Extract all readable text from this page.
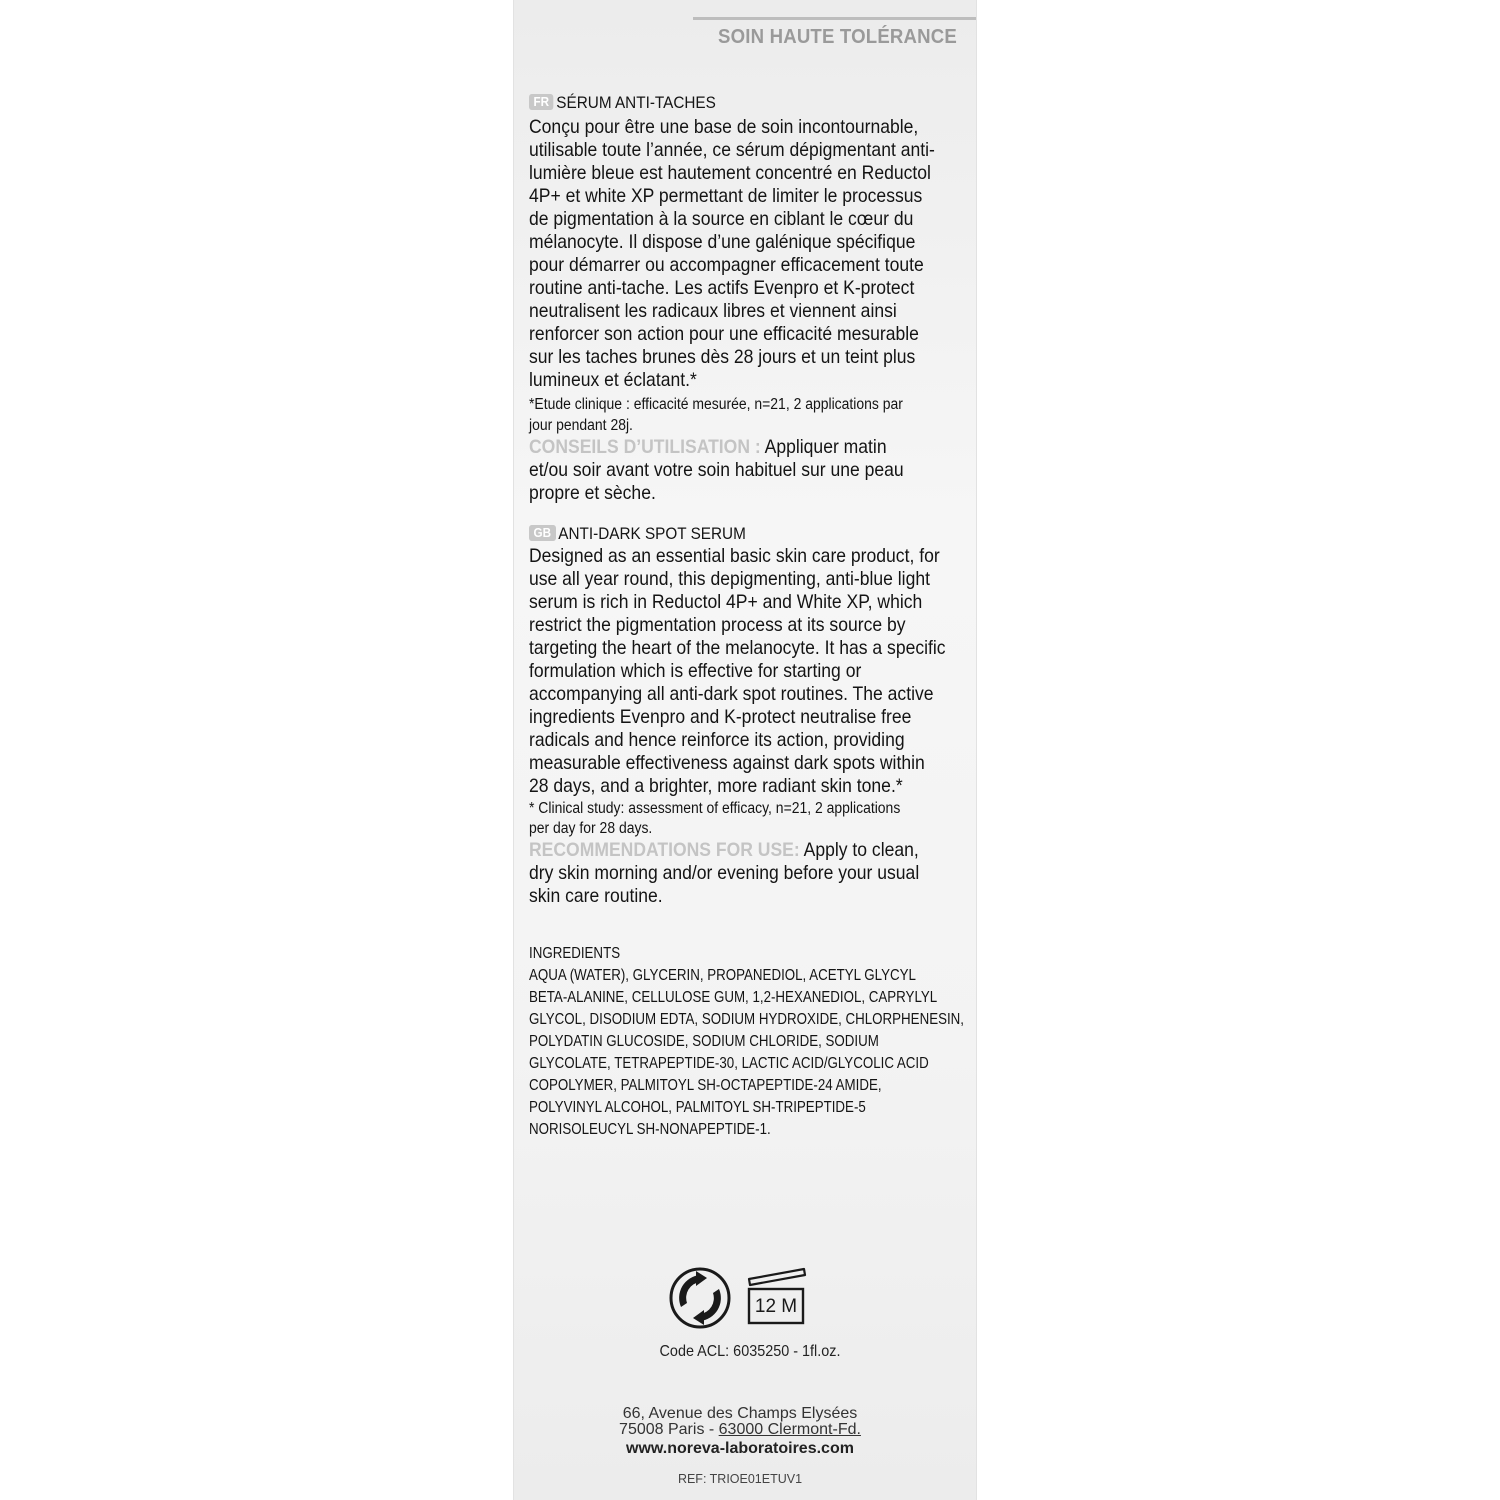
SOIN HAUTE TOLÉRANCE
FR SÉRUM ANTI-TACHES
Conçu pour être une base de soin incontournable,
utilisable toute l’année, ce sérum dépigmentant anti-
lumière bleue est hautement concentré en Reductol
4P+ et white XP permettant de limiter le processus
de pigmentation à la source en ciblant le cœur du
mélanocyte. Il dispose d’une galénique spécifique
pour démarrer ou accompagner efficacement toute
routine anti-tache. Les actifs Evenpro et K-protect
neutralisent les radicaux libres et viennent ainsi
renforcer son action pour une efficacité mesurable
sur les taches brunes dès 28 jours et un teint plus
lumineux et éclatant.*
*Etude clinique : efficacité mesurée, n=21, 2 applications par
jour pendant 28j.
CONSEILS D’UTILISATION : Appliquer matin
et/ou soir avant votre soin habituel sur une peau
propre et sèche.
GB ANTI-DARK SPOT SERUM
Designed as an essential basic skin care product, for
use all year round, this depigmenting, anti-blue light
serum is rich in Reductol 4P+ and White XP, which
restrict the pigmentation process at its source by
targeting the heart of the melanocyte. It has a specific
formulation which is effective for starting or
accompanying all anti-dark spot routines. The active
ingredients Evenpro and K-protect neutralise free
radicals and hence reinforce its action, providing
measurable effectiveness against dark spots within
28 days, and a brighter, more radiant skin tone.*
* Clinical study: assessment of efficacy, n=21, 2 applications
per day for 28 days.
RECOMMENDATIONS FOR USE: Apply to clean,
dry skin morning and/or evening before your usual
skin care routine.
INGREDIENTS
AQUA (WATER), GLYCERIN, PROPANEDIOL, ACETYL GLYCYL
BETA-ALANINE, CELLULOSE GUM, 1,2-HEXANEDIOL, CAPRYLYL
GLYCOL, DISODIUM EDTA, SODIUM HYDROXIDE, CHLORPHENESIN,
POLYDATIN GLUCOSIDE, SODIUM CHLORIDE, SODIUM
GLYCOLATE, TETRAPEPTIDE-30, LACTIC ACID/GLYCOLIC ACID
COPOLYMER, PALMITOYL SH-OCTAPEPTIDE-24 AMIDE,
POLYVINYL ALCOHOL, PALMITOYL SH-TRIPEPTIDE-5
NORISOLEUCYL SH-NONAPEPTIDE-1.
12 M
Code ACL: 6035250 - 1fl.oz.
66, Avenue des Champs Elysées
75008 Paris - 63000 Clermont-Fd.
www.noreva-laboratoires.com
REF: TRIOE01ETUV1
